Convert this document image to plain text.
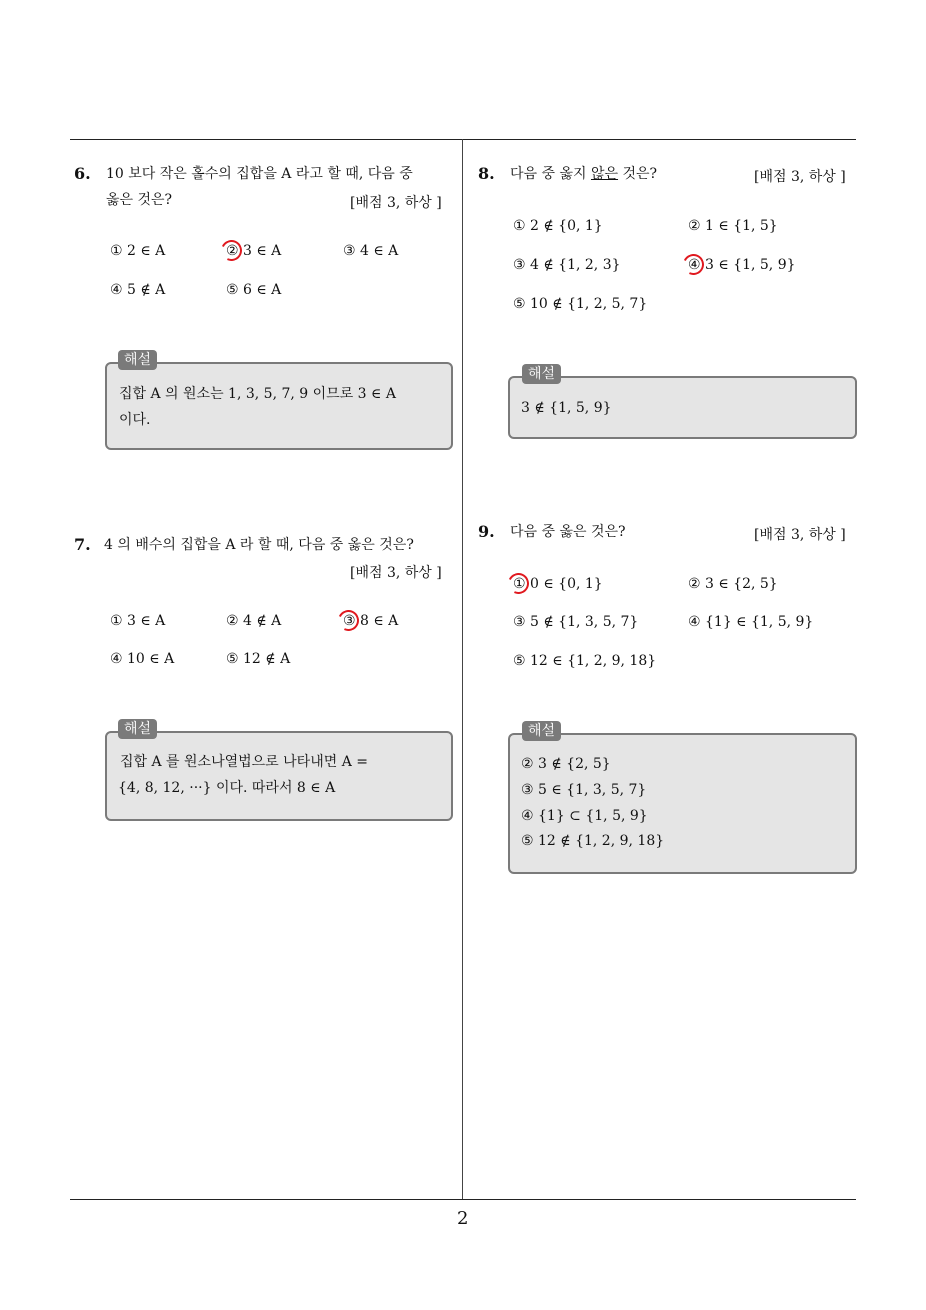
2
6. 10 보다 작은 홀수의 집합을 A 라고 할 때, 다음 중
옳은 것은?	[배점 3, 하상 ]
① 2 ∈ A	② 3 ∈ A	③ 4 ∈ A
④ 5 ∉ A	⑤ 6 ∈ A
해설
집합 A 의 원소는 1, 3, 5, 7, 9 이므로 3 ∈ A
이다.
7. 4 의 배수의 집합을 A 라 할 때, 다음 중 옳은 것은?
[배점 3, 하상 ]
① 3 ∈ A	② 4 ∉ A	③ 8 ∈ A
④ 10 ∈ A	⑤ 12 ∉ A
해설
집합 A 를 원소나열법으로 나타내면 A =
{4, 8, 12, ···} 이다. 따라서 8 ∈ A
8. 다음 중 옳지 않은 것은?	[배점 3, 하상 ]
① 2 ∉ {0, 1}	② 1 ∈ {1, 5}
③ 4 ∉ {1, 2, 3}	④ 3 ∈ {1, 5, 9}
⑤ 10 ∉ {1, 2, 5, 7}
해설
3 ∉ {1, 5, 9}
9. 다음 중 옳은 것은?	[배점 3, 하상 ]
① 0 ∈ {0, 1}	② 3 ∈ {2, 5}
③ 5 ∉ {1, 3, 5, 7}	④ {1} ∈ {1, 5, 9}
⑤ 12 ∈ {1, 2, 9, 18}
해설
② 3 ∉ {2, 5}
③ 5 ∈ {1, 3, 5, 7}
④ {1} ⊂ {1, 5, 9}
⑤ 12 ∉ {1, 2, 9, 18}
